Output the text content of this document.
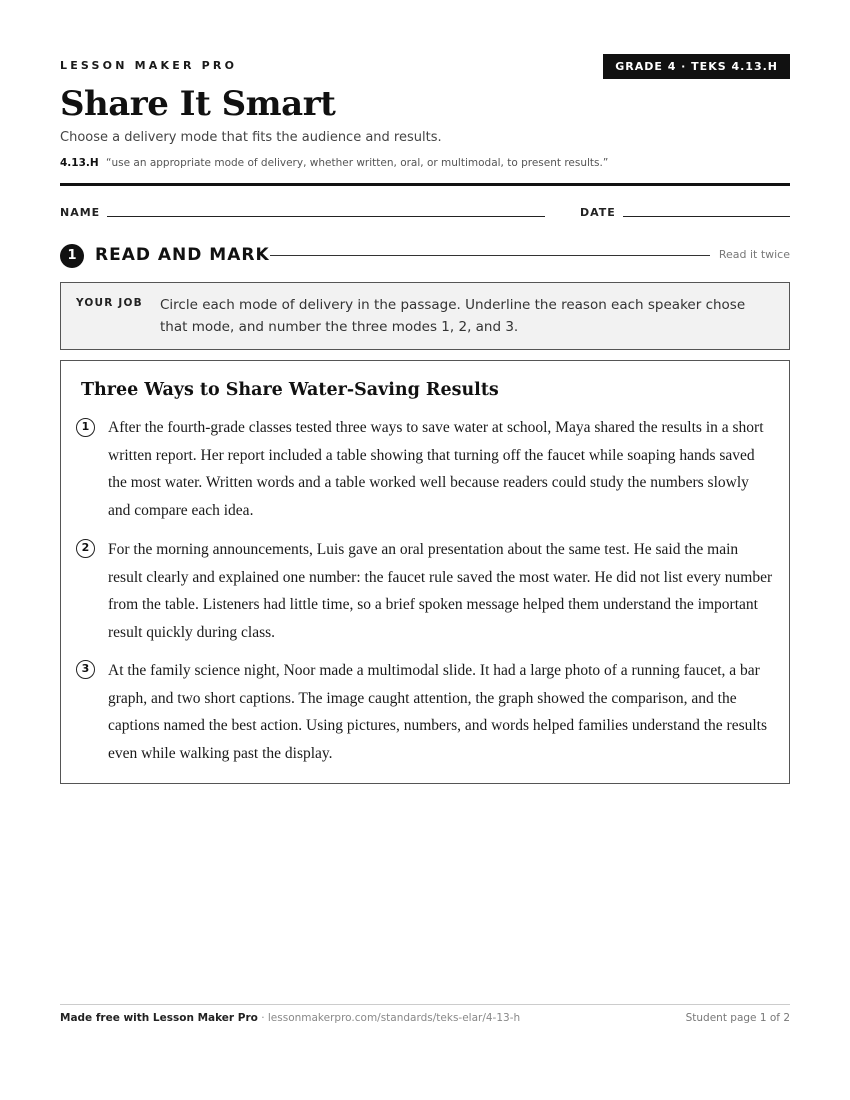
LESSON MAKER PRO	GRADE 4 · TEKS 4.13.H
Share It Smart
Choose a delivery mode that fits the audience and results.
4.13.H “use an appropriate mode of delivery, whether written, oral, or multimodal, to present results.”
NAME	DATE
1	READ AND MARK	Read it twice
YOUR JOB Circle each mode of delivery in the passage. Underline the reason each speaker chose that mode, and number the three modes 1, 2, and 3.
Three Ways to Share Water-Saving Results
1	After the fourth-grade classes tested three ways to save water at school, Maya shared the results in a short written report. Her report included a table showing that turning off the faucet while soaping hands saved the most water. Written words and a table worked well because readers could study the numbers slowly and compare each idea.
2	For the morning announcements, Luis gave an oral presentation about the same test. He said the main result clearly and explained one number: the faucet rule saved the most water. He did not list every number from the table. Listeners had little time, so a brief spoken message helped them understand the important result quickly during class.
3	At the family science night, Noor made a multimodal slide. It had a large photo of a running faucet, a bar graph, and two short captions. The image caught attention, the graph showed the comparison, and the captions named the best action. Using pictures, numbers, and words helped families understand the results even while walking past the display.
Made free with Lesson Maker Pro · lessonmakerpro.com/standards/teks-elar/4-13-h	Student page 1 of 2
